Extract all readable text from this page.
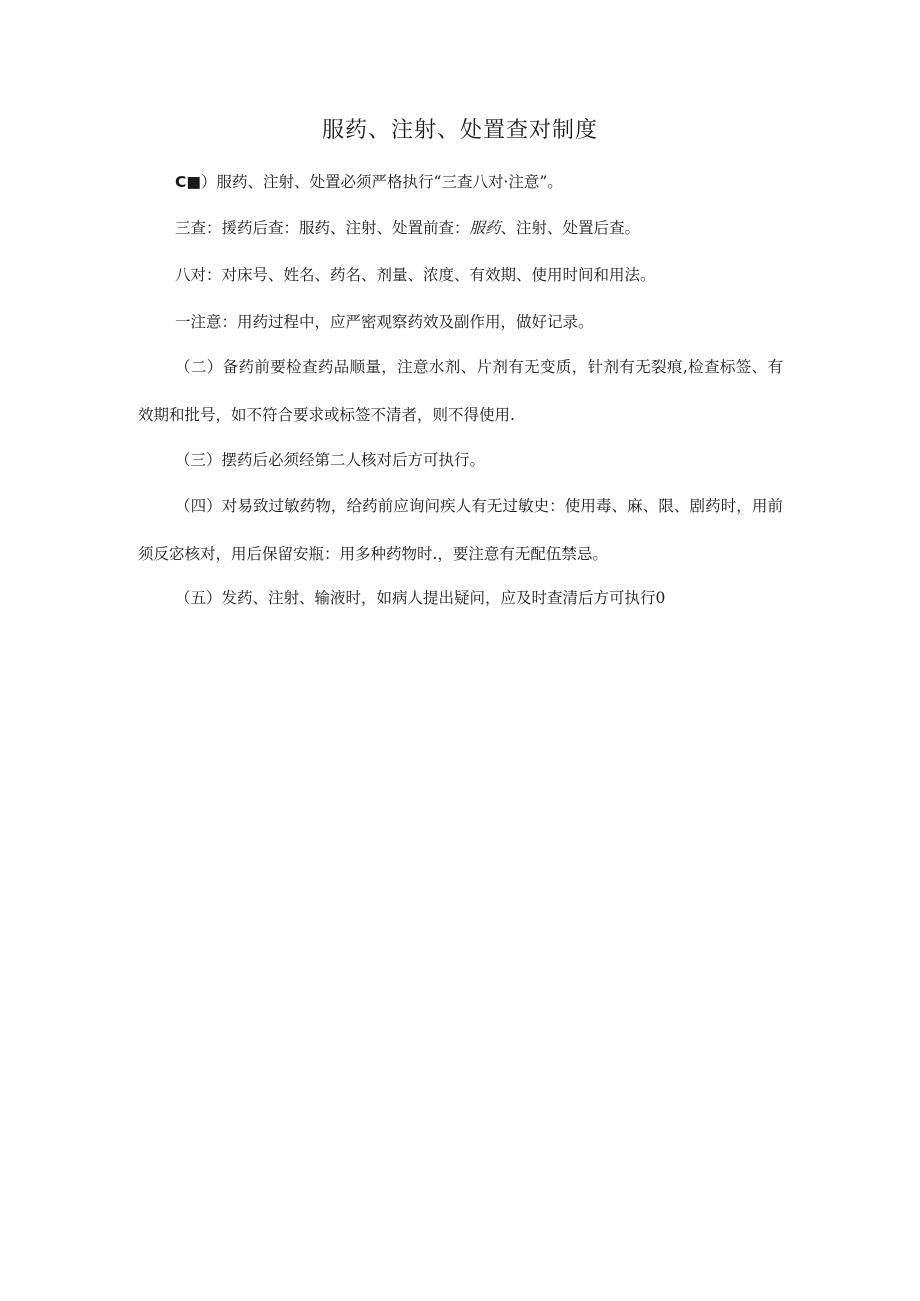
服药、注射、处置查对制度

C■）服药、注射、处置必须严格执行“三查八对·注意”。

三查：援药后查：服药、注射、处置前查：服药、注射、处置后查。

八对：对床号、姓名、药名、剂量、浓度、有效期、使用时间和用法。

一注意：用药过程中，应严密观察药效及副作用，做好记录。

（二）备药前要检查药品顺量，注意水剂、片剂有无变质，针剂有无裂痕,检查标签、有效期和批号，如不符合要求或标签不清者，则不得使用.

（三）摆药后必须经第二人核对后方可执行。

（四）对易致过敏药物，给药前应询问疾人有无过敏史：使用毒、麻、限、剧药时，用前须反宓核对，用后保留安瓶：用多种药物时.，要注意有无配伍禁忌。

（五）发药、注射、输液时，如病人提出疑问，应及时查清后方可执行0
